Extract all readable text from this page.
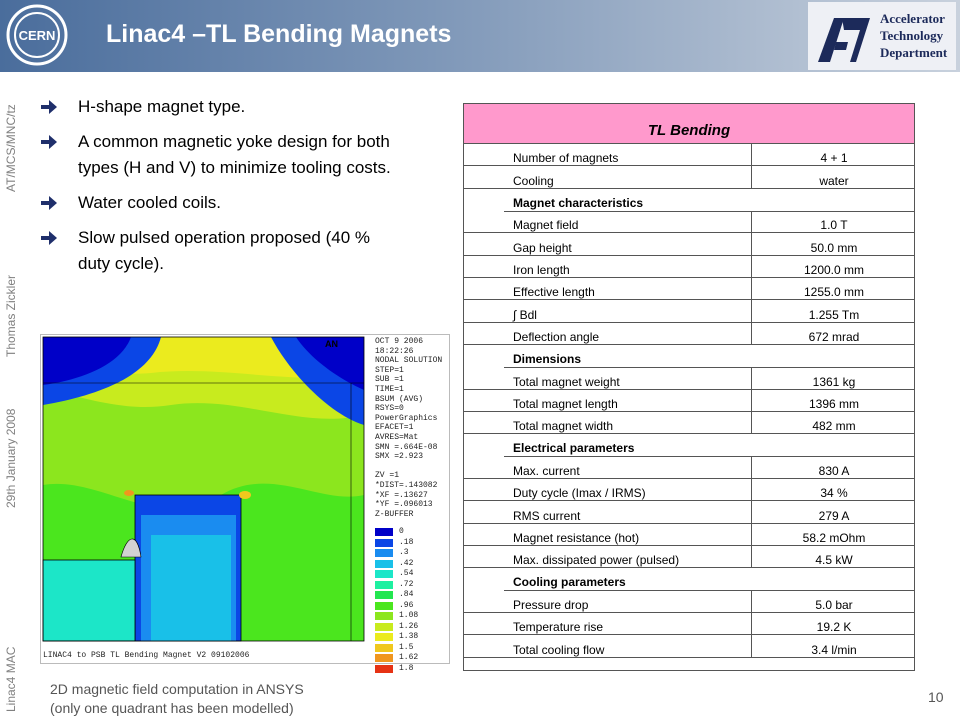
CERN Linac4 –TL Bending Magnets
Accelerator
Technology
Department
Linac4 MAC
29th January 2008
Thomas Zickler
AT/MCS/MNC/tz	H-shape magnet type.
A common magnetic yoke design for both types (H and V) to minimize tooling costs.
Water cooled coils.
Slow pulsed operation proposed (40 % duty cycle).
AN	OCT 9 2006
18:22:26
NODAL SOLUTION
STEP=1
SUB =1
TIME=1
BSUM (AVG)
RSYS=0
PowerGraphics
EFACET=1
AVRES=Mat
SMN =.664E-08
SMX =2.923
ZV =1
*DIST=.143082
*XF =.13627
*YF =.096013
Z-BUFFER
0
.18
.3
.42
.54
.72
.84
.96
1.08
1.26
1.38
1.5
1.62
1.8
LINAC4 to PSB TL Bending Magnet V2 09102006
2D magnetic field computation in ANSYS
(only one quadrant has been modelled)
10
TL Bending
Number of magnets	4 + 1
Cooling	water
Magnet characteristics
Magnet field	1.0 T
Gap height	50.0 mm
Iron length	1200.0 mm
Effective length	1255.0 mm
∫ Bdl	1.255 Tm
Deflection angle	672 mrad
Dimensions
Total magnet weight	1361 kg
Total magnet length	1396 mm
Total magnet width	482 mm
Electrical parameters
Max. current	830 A
Duty cycle (Imax / IRMS)	34 %
RMS current	279 A
Magnet resistance (hot)	58.2 mOhm
Max. dissipated power (pulsed)	4.5 kW
Cooling parameters
Pressure drop	5.0 bar
Temperature rise	19.2 K
Total cooling flow	3.4 l/min
